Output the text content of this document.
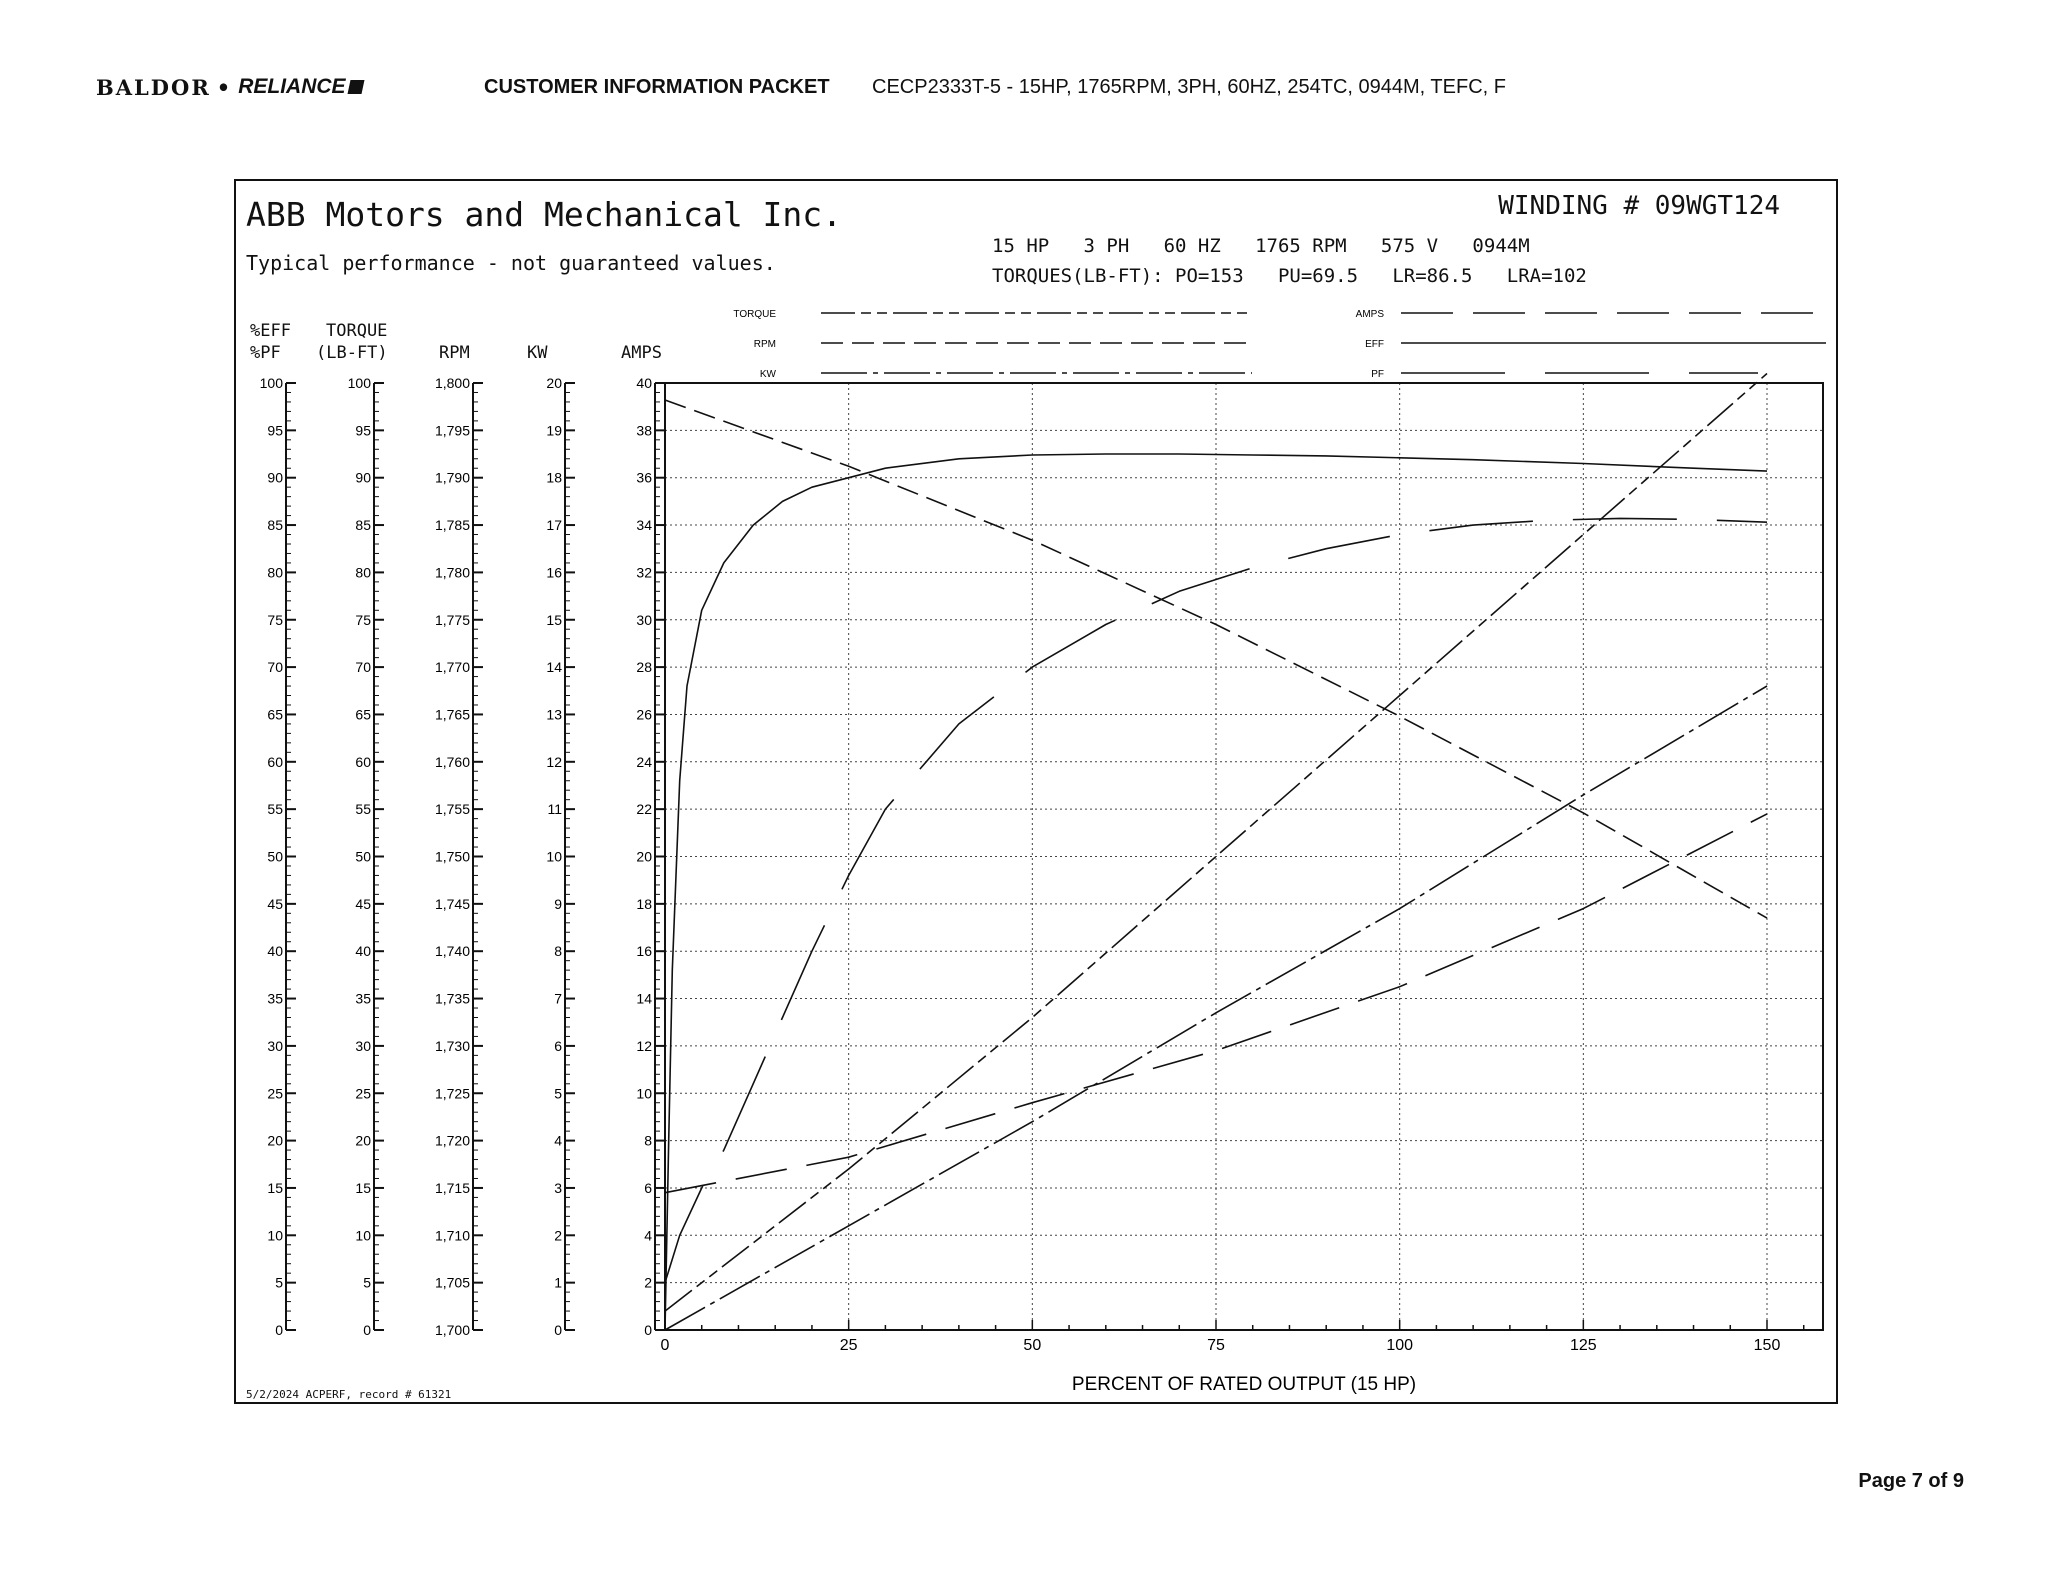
BALDOR • RELIANCE	CUSTOMER INFORMATION PACKET CECP2333T-5 - 15HP, 1765RPM, 3PH, 60HZ, 254TC, 0944M, TEFC, F
ABB Motors and Mechanical Inc.
Typical performance - not guaranteed values.
WINDING # 09WGT124
15 HP   3 PH   60 HZ   1765 RPM   575 V   0944M
TORQUES(LB-FT): PO=153   PU=69.5   LR=86.5   LRA=102
%EFF
%PF
TORQUE
(LB-FT)	RPM	KW	AMPS
TORQUE
RPM
KW
AMPS
EFF
PF
0
5
10
15
20
25
30
35
40
45
50
55
60
65
70
75
80
85
90
95
100
0
5
10
15
20
25
30
35
40
45
50
55
60
65
70
75
80
85
90
95
100
1,700
1,705
1,710
1,715
1,720
1,725
1,730
1,735
1,740
1,745
1,750
1,755
1,760
1,765
1,770
1,775
1,780
1,785
1,790
1,795
1,800
0
1
2
3
4
5
6
7
8
9
10
11
12
13
14
15
16
17
18
19
20
0
2
4
6
8
10
12
14
16
18
20
22
24
26
28
30
32
34
36
38
40
0	25	50	75	100	125	150
PERCENT OF RATED OUTPUT (15 HP)
5/2/2024 ACPERF, record # 61321
Page 7 of 9
